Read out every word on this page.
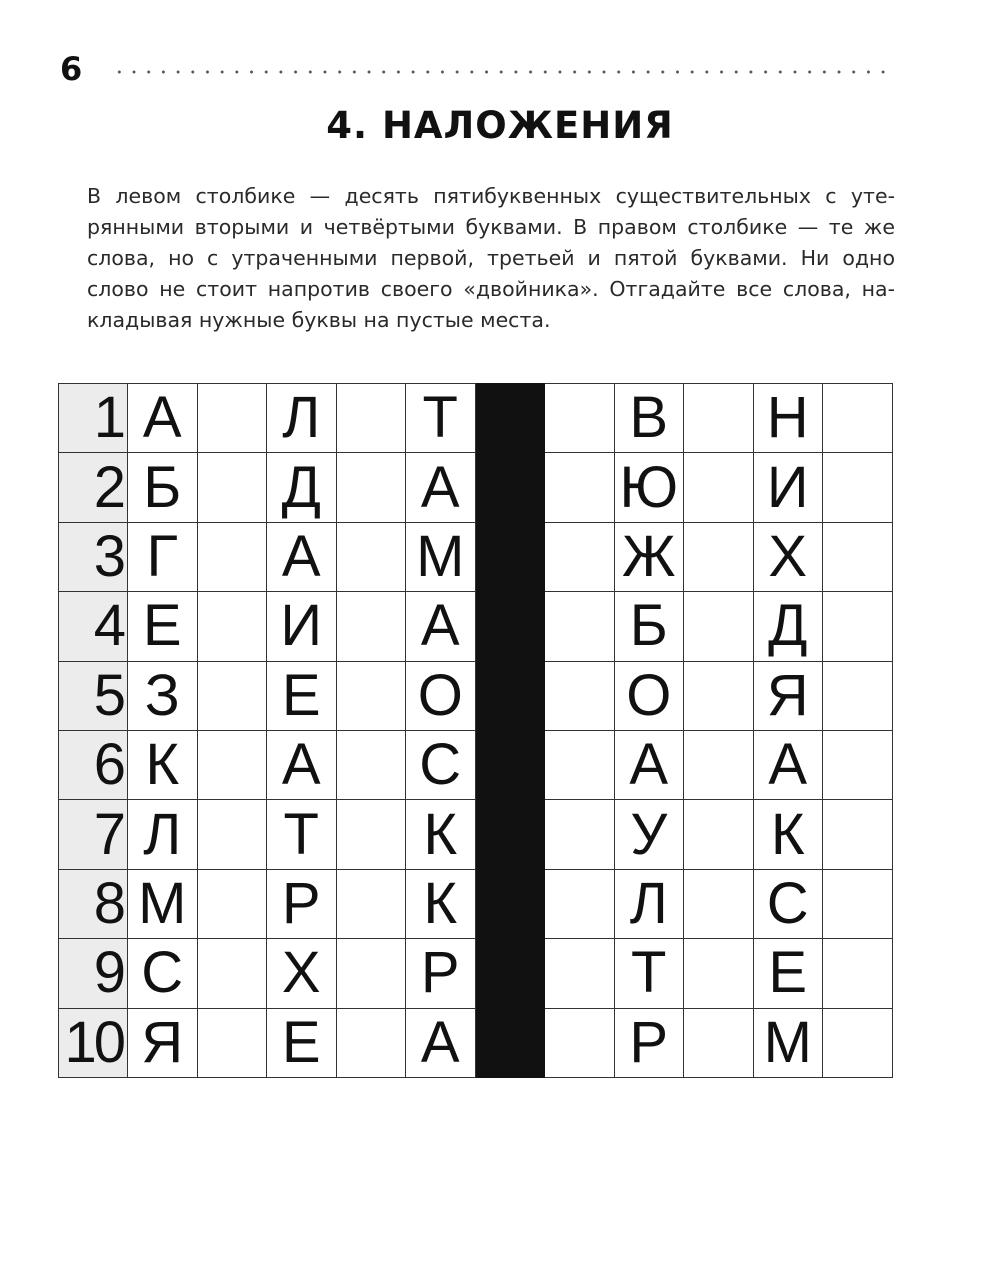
6
4. НАЛОЖЕНИЯ
В левом столбике — десять пятибуквенных существительных с уте-
рянными вторыми и четвёртыми буквами. В правом столбике — те же
слова, но с утраченными первой, третьей и пятой буквами. Ни одно
слово не стоит напротив своего «двойника». Отгадайте все слова, на-
кладывая нужные буквы на пустые места.
1	А		Л		Т			В		Н	
2	Б		Д		А			Ю		И	
3	Г		А		М			Ж		Х	
4	Е		И		А			Б		Д	
5	З		Е		О			О		Я	
6	К		А		С			А		А	
7	Л		Т		К			У		К	
8	М		Р		К			Л		С	
9	С		Х		Р			Т		Е	
10	Я		Е		А			Р		М	
